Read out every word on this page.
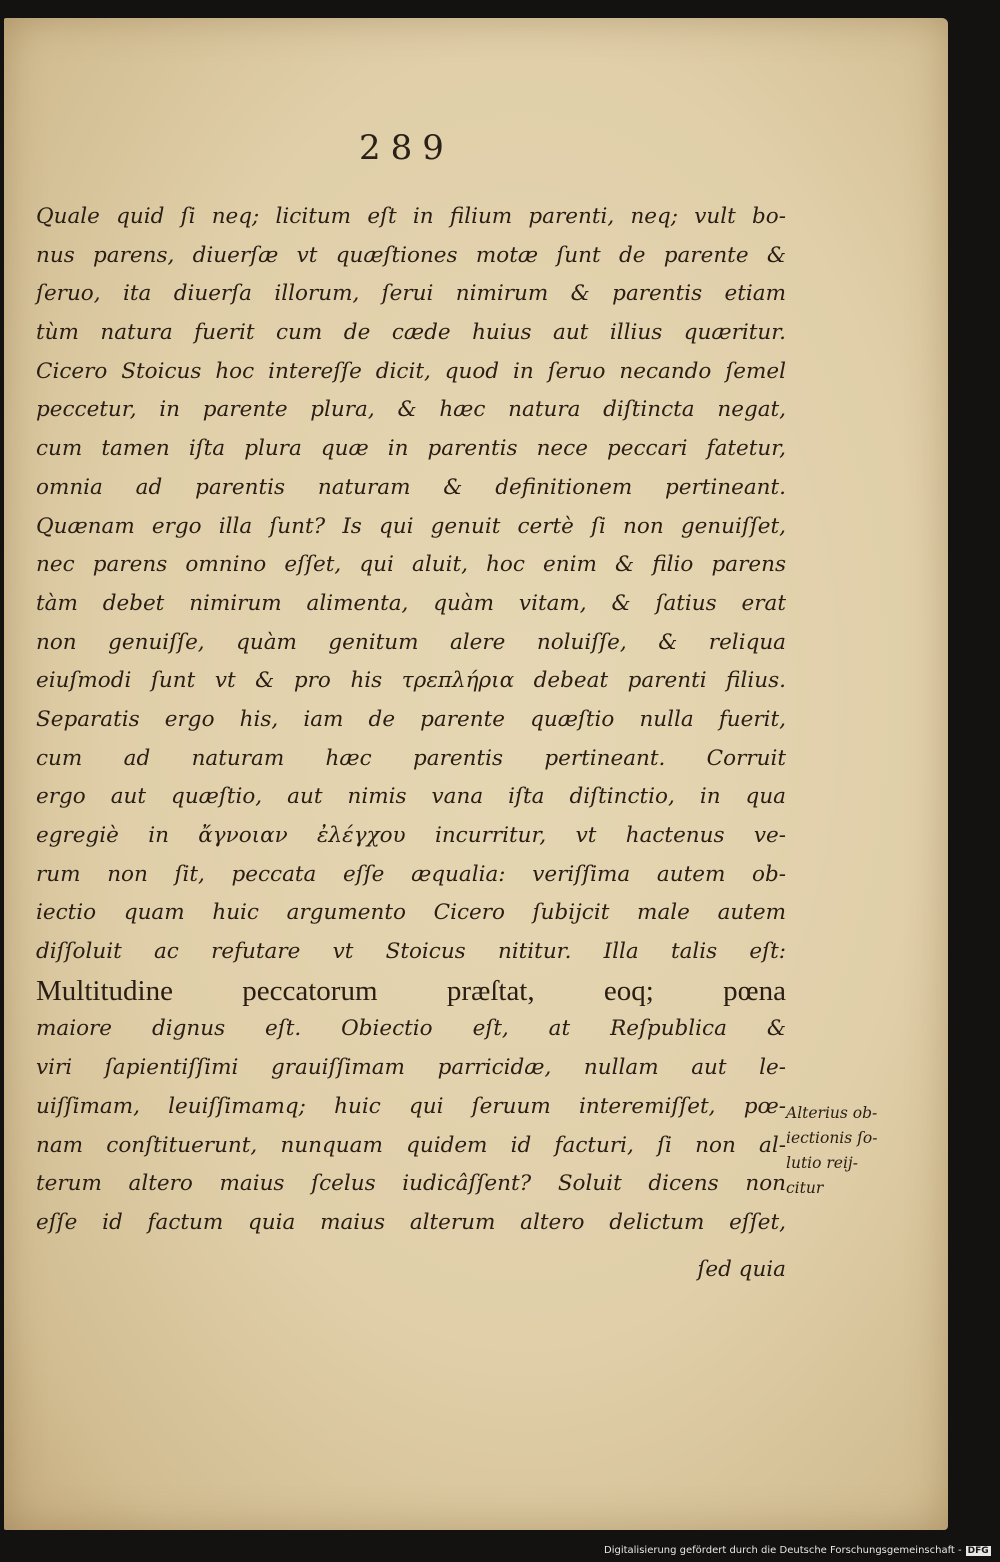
289
Quale quid ſi neq; licitum eſt in filium parenti, neq; vult bo-
nus parens, diuerſæ vt quæſtiones motæ ſunt de parente &
ſeruo, ita diuerſa illorum, ſerui nimirum & parentis etiam
tùm natura fuerit cum de cæde huius aut illius quæritur.
Cicero Stoicus hoc intereſſe dicit, quod in ſeruo necando ſemel
peccetur, in parente plura, & hæc natura diſtincta negat,
cum tamen iſta plura quæ in parentis nece peccari fatetur,
omnia ad parentis naturam & definitionem pertineant.
Quænam ergo illa ſunt? Is qui genuit certè ſi non genuiſſet,
nec parens omnino eſſet, qui aluit, hoc enim & filio parens
tàm debet nimirum alimenta, quàm vitam, & ſatius erat
non genuiſſe, quàm genitum alere noluiſſe, & reliqua
eiuſmodi ſunt vt & pro his τρεπλήρια debeat parenti filius.
Separatis ergo his, iam de parente quæſtio nulla fuerit,
cum ad naturam hæc parentis pertineant. Corruit
ergo aut quæſtio, aut nimis vana iſta diſtinctio, in qua
egregiè in ἄγνοιαν ἐλέγχου incurritur, vt hactenus ve-
rum non ſit, peccata eſſe æqualia: veriſſima autem ob-
iectio quam huic argumento Cicero ſubijcit male autem
diſſoluit ac refutare vt Stoicus nititur. Illa talis eſt:
Multitudine peccatorum præſtat, eoq; pœna
maiore dignus eſt. Obiectio eſt, at Reſpublica &
viri ſapientiſſimi grauiſſimam parricidæ, nullam aut le-
uiſſimam, leuiſſimamq; huic qui ſeruum interemiſſet, pœ-
nam conſtituerunt, nunquam quidem id facturi, ſi non al-
terum altero maius ſcelus iudicâſſent? Soluit dicens non
eſſe id factum quia maius alterum altero delictum eſſet,
ſed quia
Alterius ob-
iectionis ſo-
lutio reij-
citur
Digitalisierung gefördert durch die Deutsche Forschungsgemeinschaft - DFG
